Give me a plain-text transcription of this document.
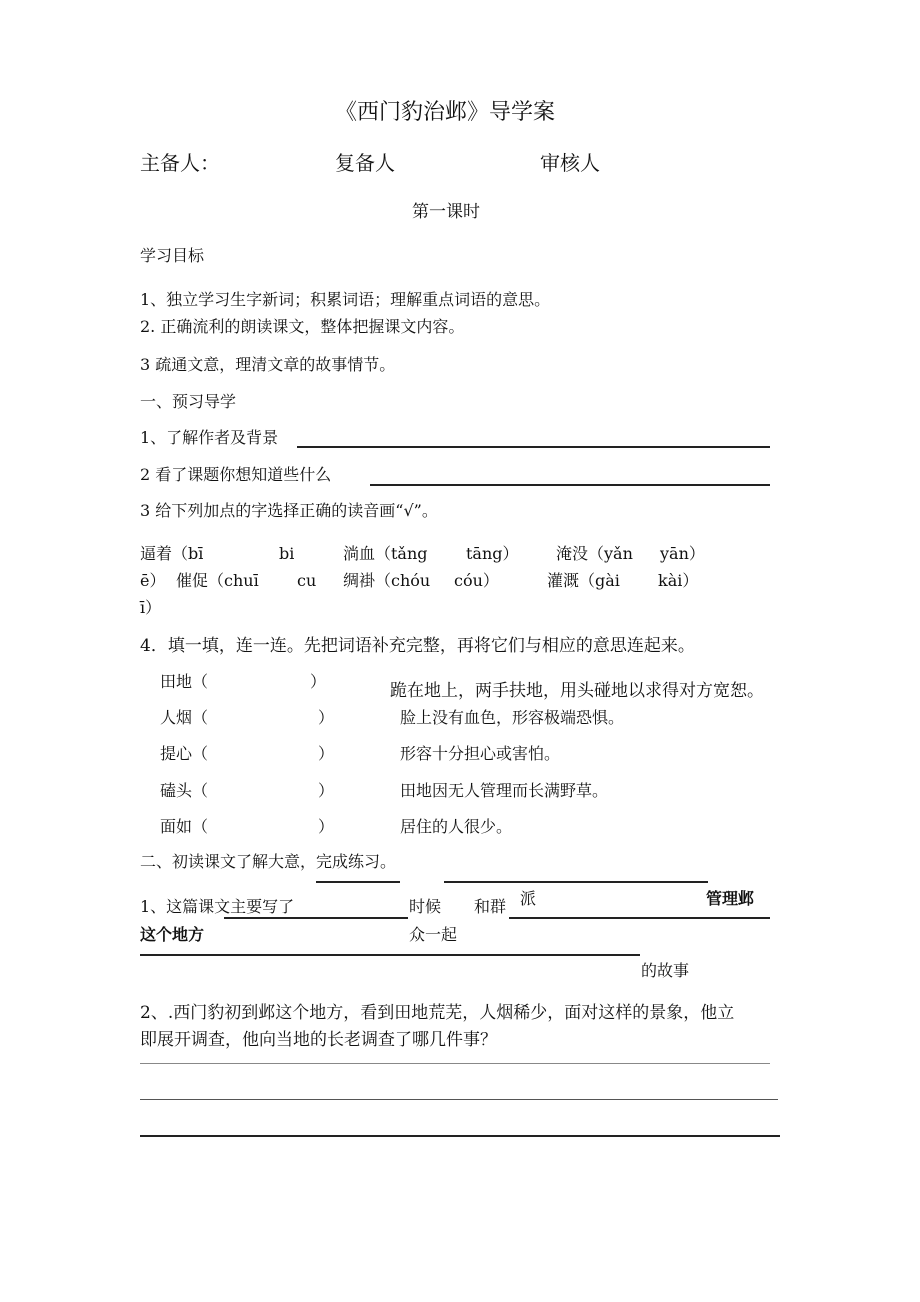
《西门豹治邺》导学案
主备人：	复备人	审核人
第一课时
学习目标
1、独立学习生字新词；积累词语；理解重点词语的意思。
2. 正确流利的朗读课文，整体把握课文内容。
3 疏通文意，理清文章的故事情节。
一、预习导学
1、了解作者及背景
2 看了课题你想知道些什么
3 给下列加点的字选择正确的读音画“√”。
逼着（bī	bi	淌血（tǎng tāng） 淹没（yǎn yān）
ē） 催促（chuī cu 绸褂（chóu cóu）	灌溉（gài kài）
ī）
4．填一填，连一连。先把词语补充完整，再将它们与相应的意思连起来。
田地（	）	跪在地上，两手扶地，用头碰地以求得对方宽恕。
人烟（	）	脸上没有血色，形容极端恐惧。
提心（	）	形容十分担心或害怕。
磕头（	）	田地因无人管理而长满野草。
面如（	）	居住的人很少。
二、初读课文了解大意，完成练习。
1、这篇课文主要写了	时候 和群 派	管理邺
这个地方	众一起
的故事
2、.西门豹初到邺这个地方，看到田地荒芜，人烟稀少，面对这样的景象，他立
即展开调查，他向当地的长老调查了哪几件事？
